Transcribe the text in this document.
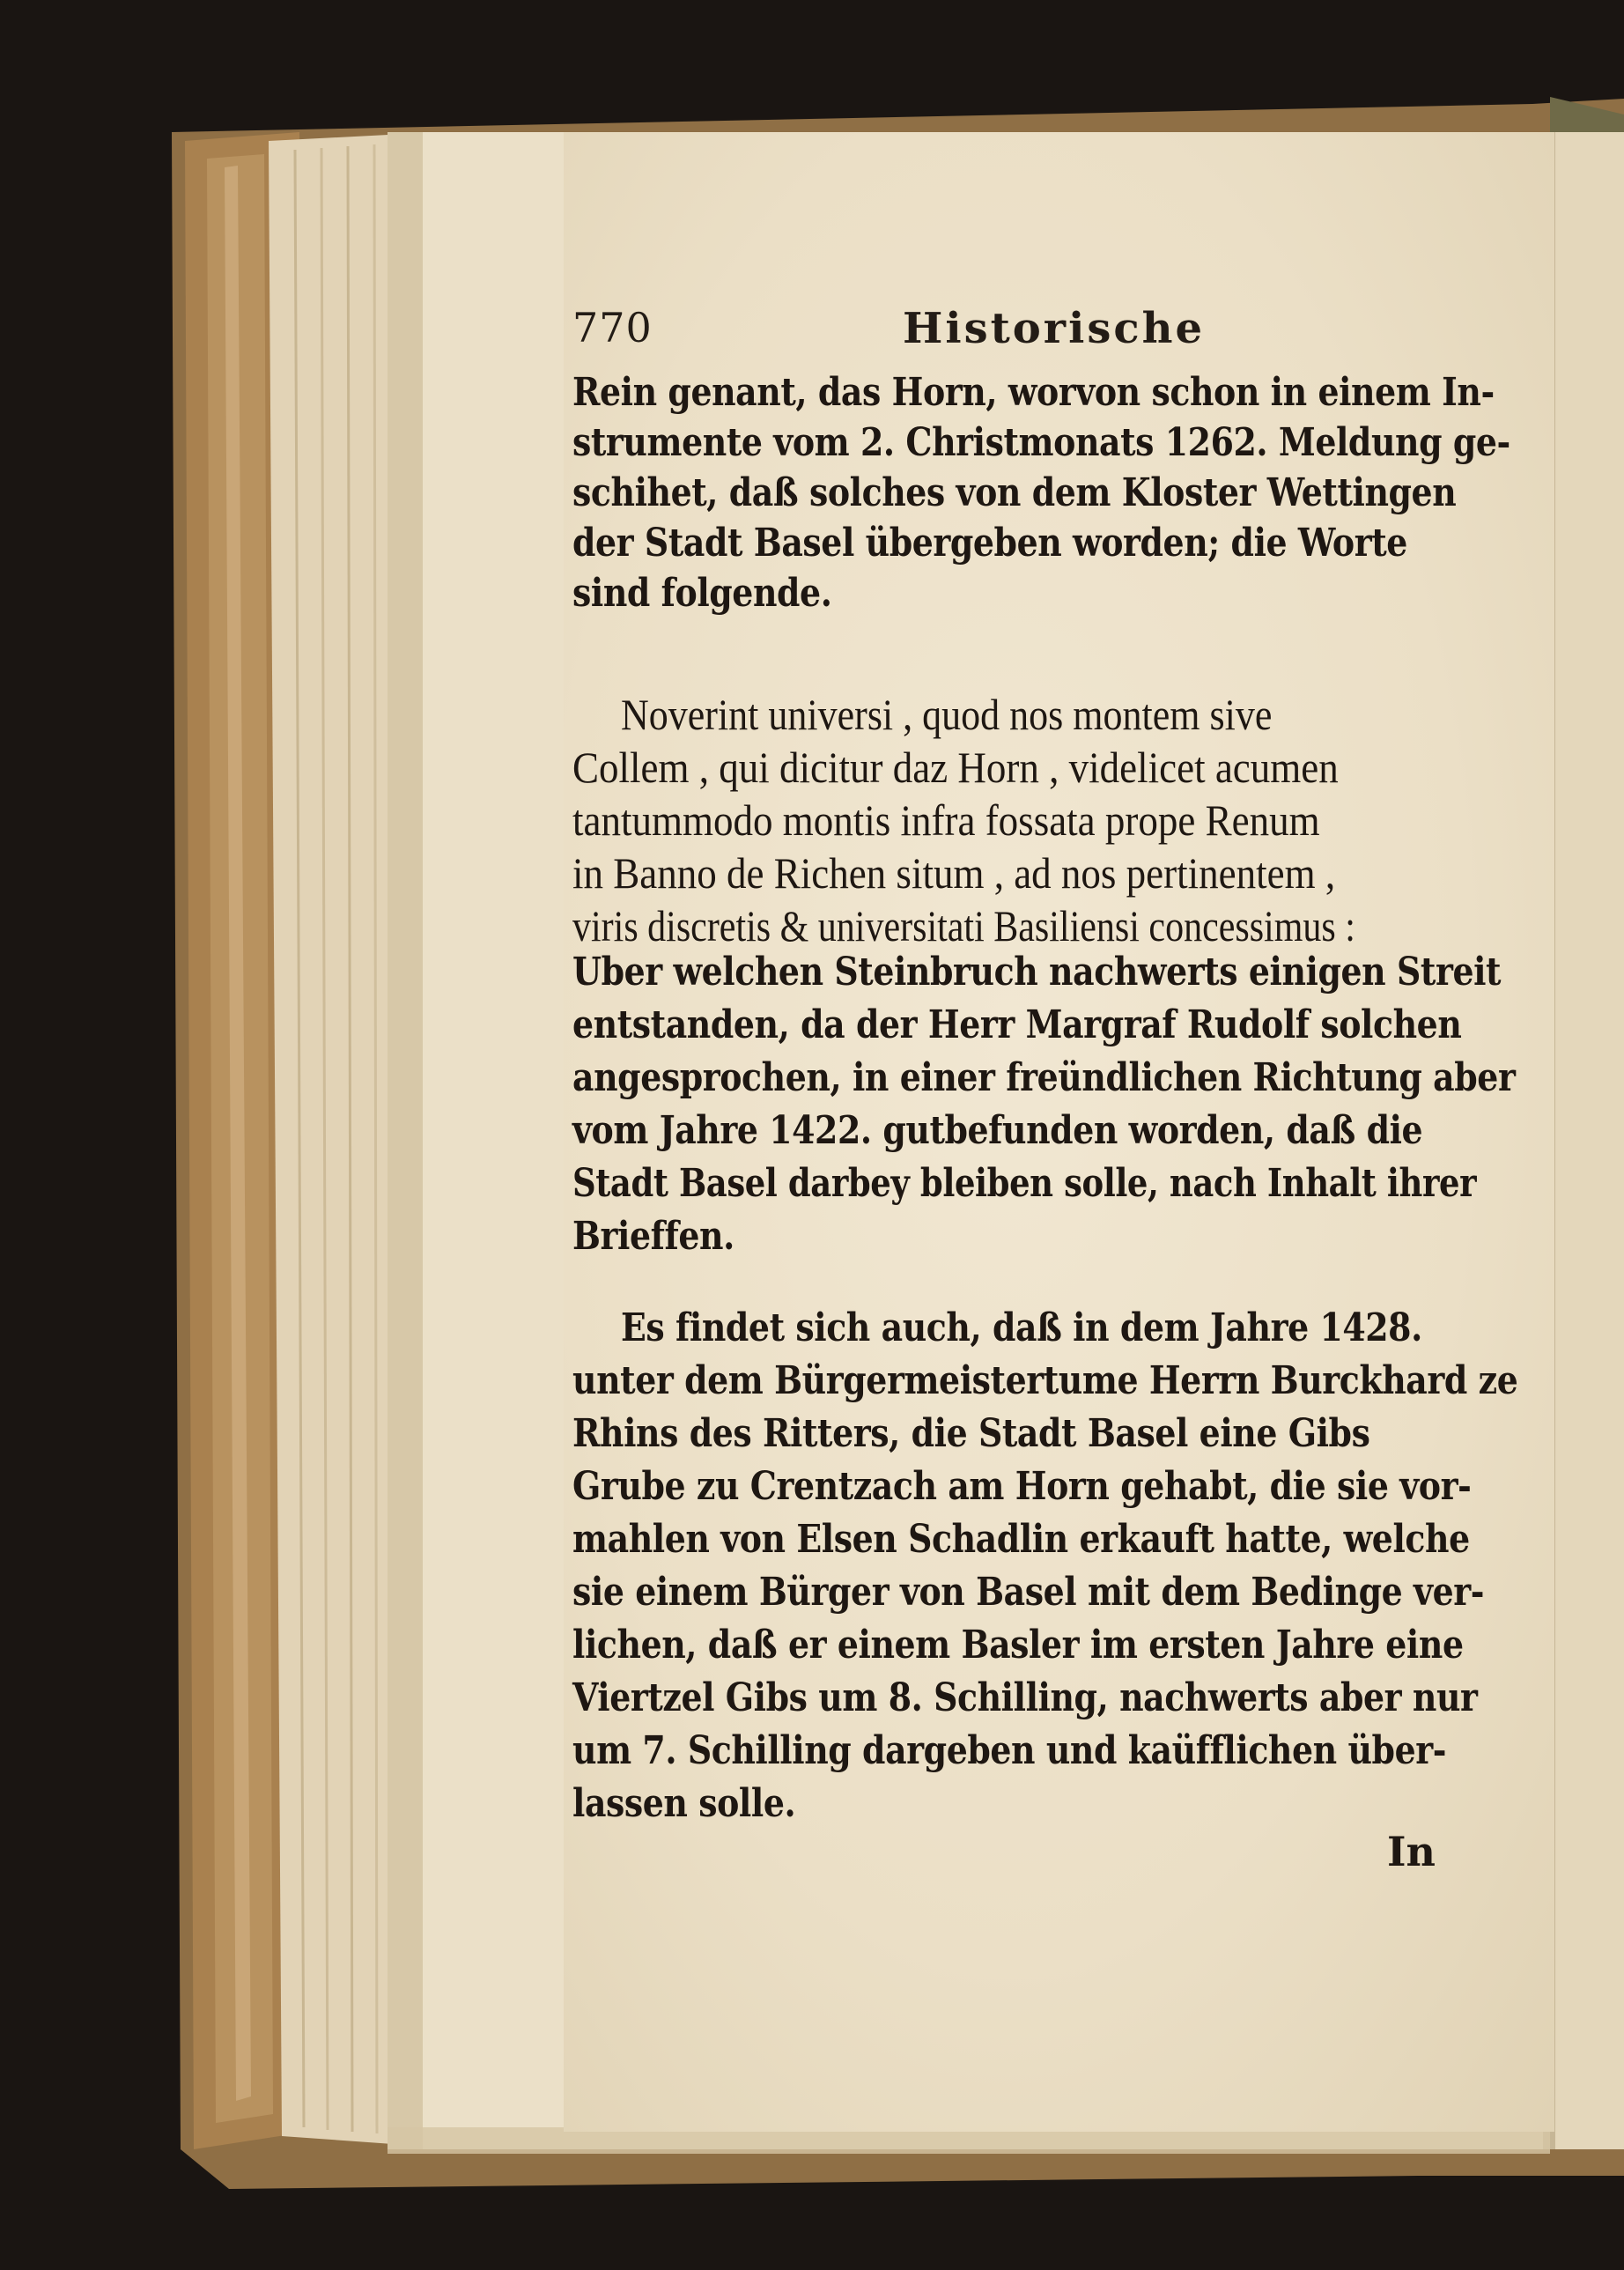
770	Historische
Rein genant, das Horn, worvon schon in einem In-
strumente vom 2. Christmonats 1262. Meldung ge-
schihet, daß solches von dem Kloster Wettingen
der Stadt Basel übergeben worden; die Worte
sind folgende.
Noverint universi , quod nos montem sive
Collem , qui dicitur daz Horn , videlicet acumen
tantummodo montis infra fossata prope Renum
in Banno de Richen situm , ad nos pertinentem ,
viris discretis & universitati Basiliensi concessimus :
Uber welchen Steinbruch nachwerts einigen Streit
entstanden, da der Herr Margraf Rudolf solchen
angesprochen, in einer freündlichen Richtung aber
vom Jahre 1422. gutbefunden worden, daß die
Stadt Basel darbey bleiben solle, nach Inhalt ihrer
Brieffen.
Es findet sich auch, daß in dem Jahre 1428.
unter dem Bürgermeistertume Herrn Burckhard ze
Rhins des Ritters, die Stadt Basel eine Gibs
Grube zu Crentzach am Horn gehabt, die sie vor-
mahlen von Elsen Schadlin erkauft hatte, welche
sie einem Bürger von Basel mit dem Bedinge ver-
lichen, daß er einem Basler im ersten Jahre eine
Viertzel Gibs um 8. Schilling, nachwerts aber nur
um 7. Schilling dargeben und kaüfflichen über-
lassen solle.
In
